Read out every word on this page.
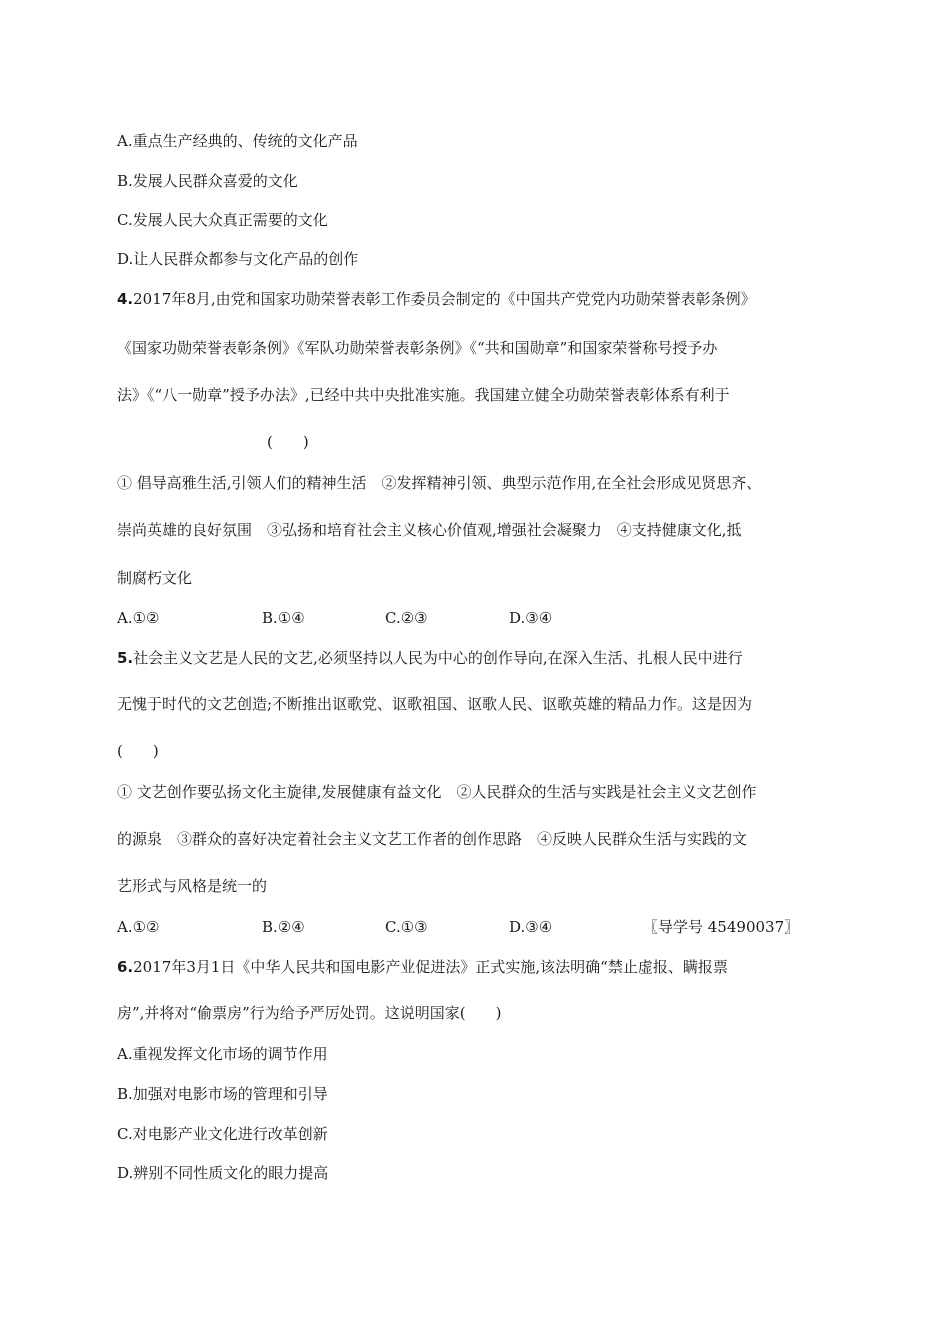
A.重点生产经典的、传统的文化产品
B.发展人民群众喜爱的文化
C.发展人民大众真正需要的文化
D.让人民群众都参与文化产品的创作
4.2017年8月,由党和国家功勋荣誉表彰工作委员会制定的《中国共产党党内功勋荣誉表彰条例》
《国家功勋荣誉表彰条例》《军队功勋荣誉表彰条例》《“共和国勋章”和国家荣誉称号授予办
法》《“八一勋章”授予办法》,已经中共中央批准实施。我国建立健全功勋荣誉表彰体系有利于
(　　)
① 倡导高雅生活,引领人们的精神生活　②发挥精神引领、典型示范作用,在全社会形成见贤思齐、
崇尚英雄的良好氛围　③弘扬和培育社会主义核心价值观,增强社会凝聚力　④支持健康文化,抵
制腐朽文化
A.①②	B.①④	C.②③	D.③④
5.社会主义文艺是人民的文艺,必须坚持以人民为中心的创作导向,在深入生活、扎根人民中进行
无愧于时代的文艺创造;不断推出讴歌党、讴歌祖国、讴歌人民、讴歌英雄的精品力作。这是因为
(　　)
① 文艺创作要弘扬文化主旋律,发展健康有益文化　②人民群众的生活与实践是社会主义文艺创作
的源泉　③群众的喜好决定着社会主义文艺工作者的创作思路　④反映人民群众生活与实践的文
艺形式与风格是统一的
A.①②	B.②④	C.①③	D.③④	〖导学号 45490037〗
6.2017年3月1日《中华人民共和国电影产业促进法》正式实施,该法明确“禁止虚报、瞒报票
房”,并将对“偷票房”行为给予严厉处罚。这说明国家(　　)
A.重视发挥文化市场的调节作用
B.加强对电影市场的管理和引导
C.对电影产业文化进行改革创新
D.辨别不同性质文化的眼力提高
